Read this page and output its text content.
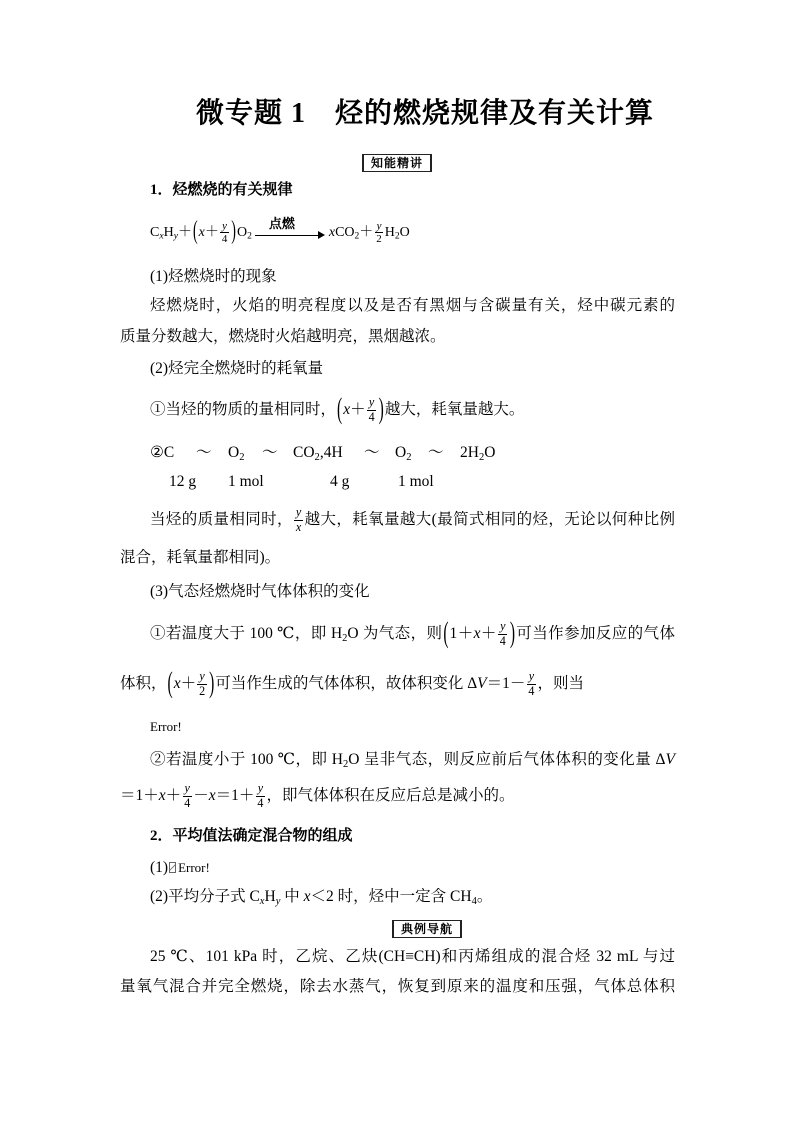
微专题 1　烃的燃烧规律及有关计算
知能精讲
1．烃燃烧的有关规律
$C_xH_y+(x+ \frac{y}{4} )O_2$
点燃
$xCO_2+ \frac{y}{2} H_2O$
(1)烃燃烧时的现象
烃燃烧时，火焰的明亮程度以及是否有黑烟与含碳量有关，烃中碳元素的
质量分数越大，燃烧时火焰越明亮，黑烟越浓。
(2)烃完全燃烧时的耗氧量
①当烃的物质的量相同时，($x+ \frac{y}{4}$ )越大，耗氧量越大。
②C ～ $O_2$ ～ $CO_2,4H$ ～ $O_2$ ～ $2H_2O$
12 g 1 mol	4 g	1 mol
当烃的质量相同时， $\frac{y}{x}$ 越大，耗氧量越大(最简式相同的烃，无论以何种比例
混合，耗氧量都相同)。
(3)气态烃燃烧时气体体积的变化
①若温度大于 100 ℃，即 $H_2O$ 为气态，则($1+x+ \frac{y}{4}$ )可当作参加反应的气体
体积，($x+ \frac{y}{2}$ )可当作生成的气体体积，故体积变化 $\Delta V=1- \frac{y}{4}$ ，则当
Error!
②若温度小于 100 ℃，即 $H_2O$ 呈非气态，则反应前后气体体积的变化量 ΔV
$=1+x+ \frac{y}{4} -x=1+ \frac{y}{4}$ ，即气体体积在反应后总是减小的。
2．平均值法确定混合物的组成
(1) Error!
(2)平均分子式 $C_xH_y$ 中 x＜2 时，烃中一定含 $CH_4$。
典例导航
25 ℃、101 kPa 时，乙烷、乙炔(CH≡CH)和丙烯组成的混合烃 32 mL 与过
量氧气混合并完全燃烧，除去水蒸气，恢复到原来的温度和压强，气体总体积
